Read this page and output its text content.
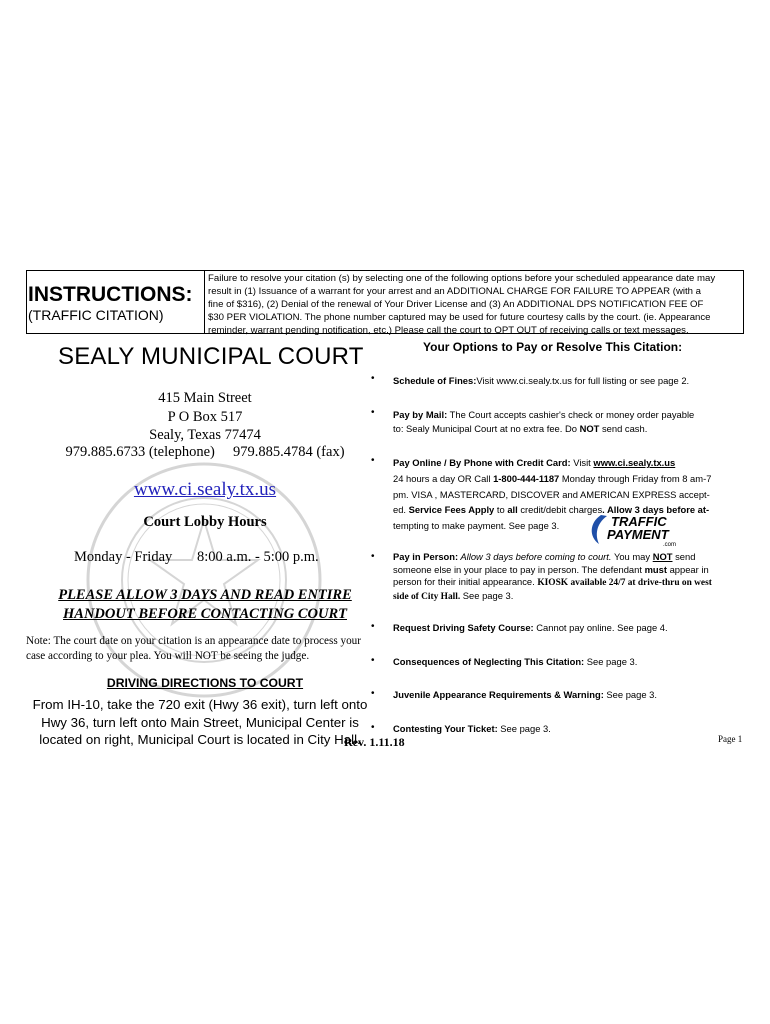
INSTRUCTIONS:
(TRAFFIC CITATION)
Failure to resolve your citation (s) by selecting one of the following options before your scheduled appearance date may
result in (1) Issuance of a warrant for your arrest and an ADDITIONAL CHARGE FOR FAILURE TO APPEAR (with a
fine of $316), (2) Denial of the renewal of Your Driver License and (3) An ADDITIONAL DPS NOTIFICATION FEE OF
$30 PER VIOLATION. The phone number captured may be used for future courtesy calls by the court. (ie. Appearance
reminder, warrant pending notification, etc.) Please call the court to OPT OUT of receiving calls or text messages.
SEALY MUNICIPAL COURT
415 Main Street
P O Box 517
Sealy, Texas 77474
979.885.6733 (telephone)     979.885.4784 (fax)
www.ci.sealy.tx.us
Court Lobby Hours
Monday - Friday 8:00 a.m. - 5:00 p.m.
PLEASE ALLOW 3 DAYS AND READ ENTIRE
HANDOUT BEFORE CONTACTING COURT
Note: The court date on your citation is an appearance date to process your case according to your plea. You will NOT be seeing the judge.
DRIVING DIRECTIONS TO COURT
From IH-10, take the 720 exit (Hwy 36 exit), turn left onto
Hwy 36, turn left onto Main Street, Municipal Center is
located on right, Municipal Court is located in City Hall.
Rev. 1.11.18	Page 1
Your Options to Pay or Resolve This Citation:
• Schedule of Fines:Visit www.ci.sealy.tx.us for full listing or see page 2.
• Pay by Mail: The Court accepts cashier's check or money order payable
to: Sealy Municipal Court at no extra fee. Do NOT send cash.
• Pay Online / By Phone with Credit Card: Visit www.ci.sealy.tx.us
24 hours a day OR Call 1-800-444-1187 Monday through Friday from 8 am-7
pm. VISA , MASTERCARD, DISCOVER and AMERICAN EXPRESS accept-
ed. Service Fees Apply to all credit/debit charges. Allow 3 days before at-
tempting to make payment. See page 3.	TRAFFIC
PAYMENT
.com
• Pay in Person: Allow 3 days before coming to court. You may NOT send
someone else in your place to pay in person. The defendant must appear in
person for their initial appearance. KIOSK available 24/7 at drive-thru on west
side of City Hall. See page 3.
• Request Driving Safety Course: Cannot pay online. See page 4.
• Consequences of Neglecting This Citation: See page 3.
• Juvenile Appearance Requirements & Warning: See page 3.
• Contesting Your Ticket: See page 3.
